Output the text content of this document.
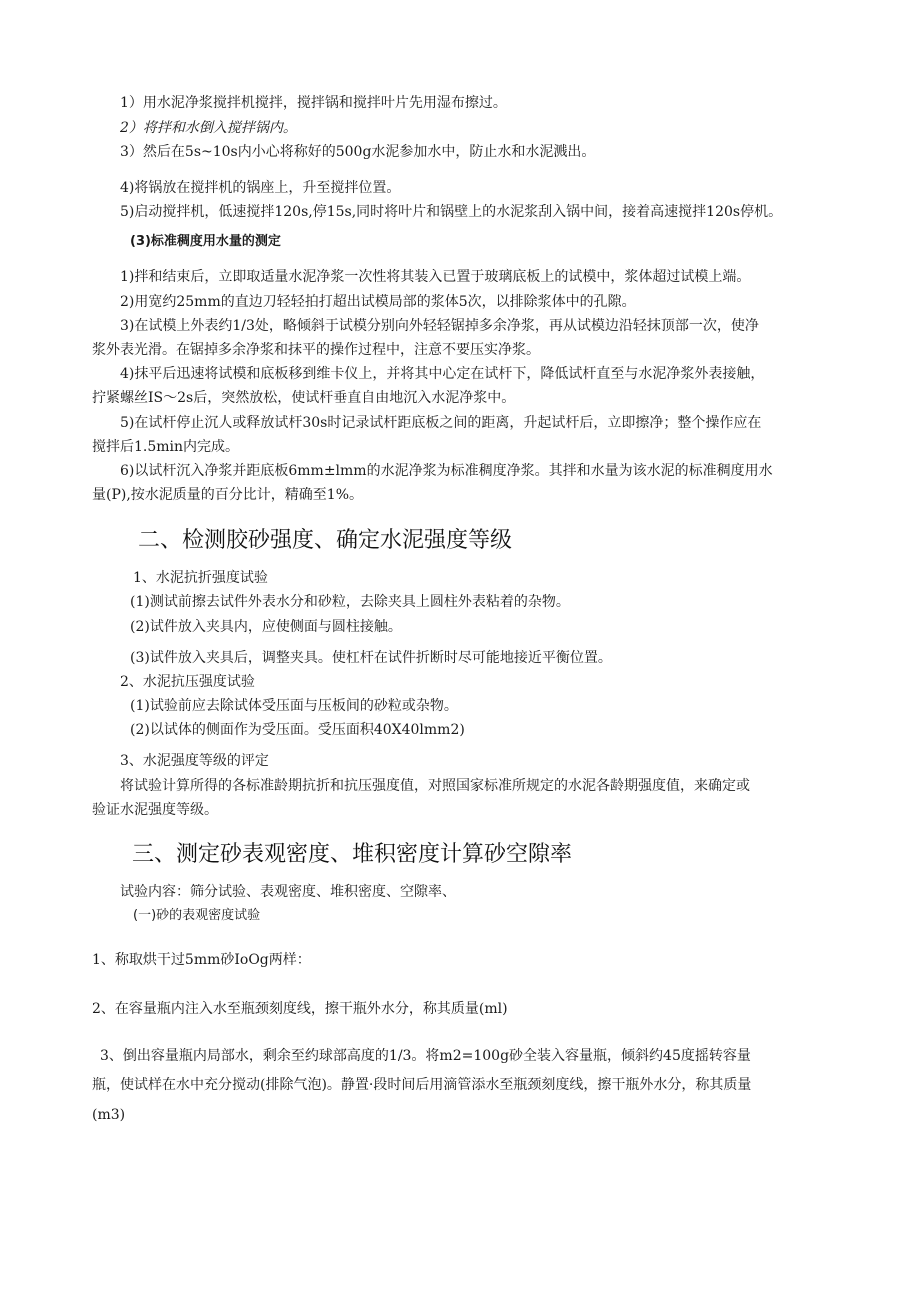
1）用水泥净浆搅拌机搅拌，搅拌锅和搅拌叶片先用湿布擦过。
2）将拌和水倒入搅拌锅内。
3）然后在5s~10s内小心将称好的500g水泥参加水中，防止水和水泥溅出。
4)将锅放在搅拌机的锅座上，升至搅拌位置。
5)启动搅拌机，低速搅拌120s,停15s,同时将叶片和锅壁上的水泥浆刮入锅中间，接着高速搅拌120s停机。
(3)标准稠度用水量的测定
1)拌和结束后，立即取适量水泥净浆一次性将其装入已置于玻璃底板上的试模中，浆体超过试模上端。
2)用宽约25mm的直边刀轻轻拍打超出试模局部的浆体5次，以排除浆体中的孔隙。
3)在试模上外表约1/3处，略倾斜于试模分别向外轻轻锯掉多余净浆，再从试模边沿轻抹顶部一次，使净
浆外表光滑。在锯掉多余净浆和抹平的操作过程中，注意不要压实净浆。
4)抹平后迅速将试模和底板移到维卡仪上，并将其中心定在试杆下，降低试杆直至与水泥净浆外表接触，
拧紧螺丝IS～2s后，突然放松，使试杆垂直自由地沉入水泥净浆中。
5)在试杆停止沉人或释放试杆30s时记录试杆距底板之间的距离，升起试杆后，立即擦净；整个操作应在
搅拌后1.5min内完成。
6)以试杆沉入净浆并距底板6mm±lmm的水泥净浆为标准稠度净浆。其拌和水量为该水泥的标准稠度用水
量(P),按水泥质量的百分比计，精确至1%。
二、检测胶砂强度、确定水泥强度等级
1、水泥抗折强度试验
(1)测试前擦去试件外表水分和砂粒，去除夹具上圆柱外表粘着的杂物。
(2)试件放入夹具内，应使侧面与圆柱接触。
(3)试件放入夹具后，调整夹具。使杠杆在试件折断时尽可能地接近平衡位置。
2、水泥抗压强度试验
(1)试验前应去除试体受压面与压板间的砂粒或杂物。
(2)以试体的侧面作为受压面。受压面积40X40lmm2)
3、水泥强度等级的评定
将试验计算所得的各标准龄期抗折和抗压强度值，对照国家标准所规定的水泥各龄期强度值，来确定或
验证水泥强度等级。
三、测定砂表观密度、堆积密度计算砂空隙率
试验内容：筛分试验、表观密度、堆积密度、空隙率、
(一)砂的表观密度试验
1、称取烘干过5mm砂IoOg两样：
2、在容量瓶内注入水至瓶颈刻度线，擦干瓶外水分，称其质量(ml)
3、倒出容量瓶内局部水，剩余至约球部高度的1/3。将m2=100g砂全装入容量瓶，倾斜约45度摇转容量
瓶，使试样在水中充分搅动(排除气泡)。静置·段时间后用滴管添水至瓶颈刻度线，擦干瓶外水分，称其质量
(m3)
